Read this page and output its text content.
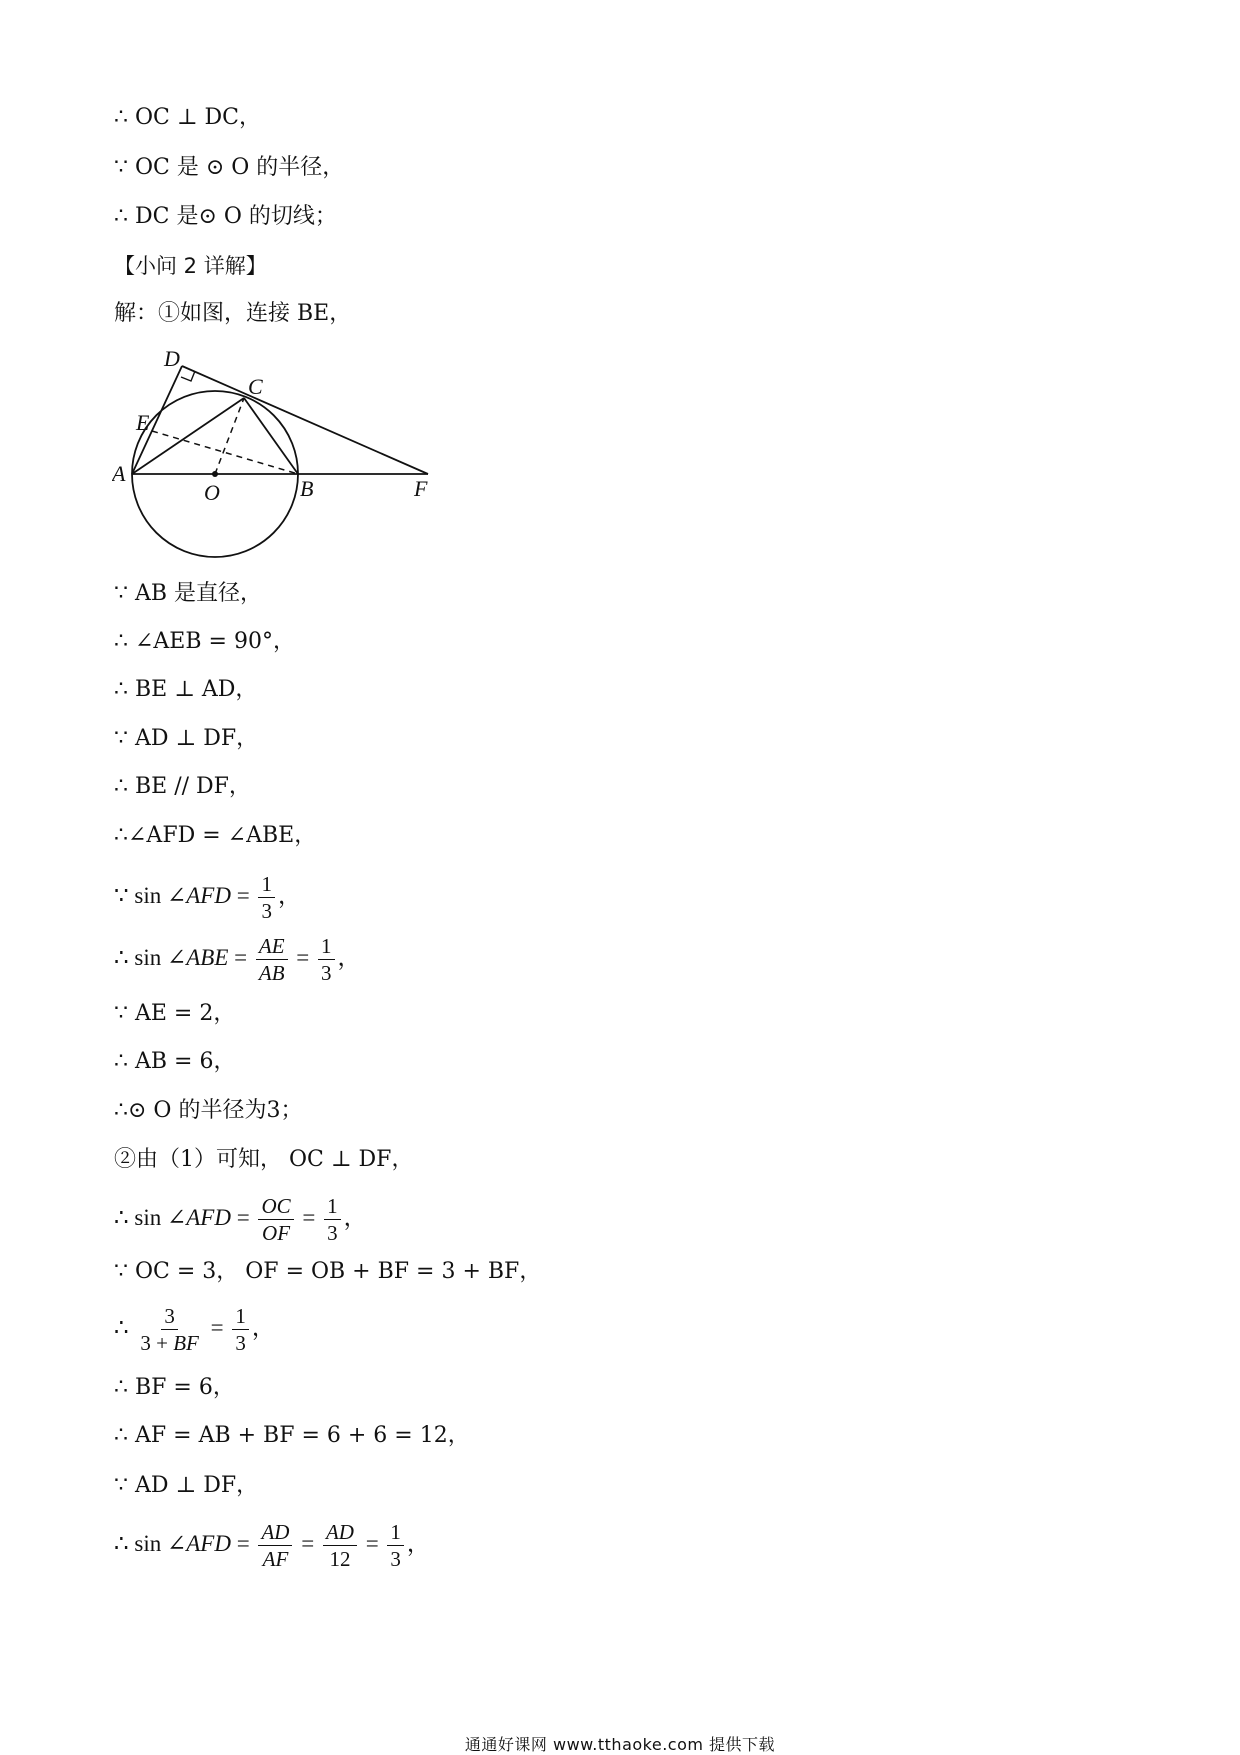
∴ OC ⊥ DC，
∵ OC 是 ⊙ O 的半径，
∴ DC 是⊙ O 的切线；
【小问 2 详解】
解：①如图，连接 BE，
D
E
C
A
O	B	F
∵ AB 是直径，
∴ ∠AEB = 90°，
∴ BE ⊥ AD，
∵ AD ⊥ DF，
∴ BE // DF，
∴∠AFD = ∠ABE，
∵ sin ∠AFD = $\frac{1}{3}$ ，
∴ sin ∠ABE = $\frac{AE}{AB} = \frac{1}{3}$ ，
∵ AE = 2，
∴ AB = 6，
∴⊙ O 的半径为3；
②由（1）可知， OC ⊥ DF，
∴ sin ∠AFD = $\frac{OC}{OF} = \frac{1}{3}$ ，
∵ OC = 3， OF = OB + BF = 3 + BF，
∴ $\frac{3}{3 + BF} = \frac{1}{3}$ ，
∴ BF = 6，
∴ AF = AB + BF = 6 + 6 = 12，
∵ AD ⊥ DF，
∴ sin ∠AFD = $\frac{AD}{AF} = \frac{AD}{12} = \frac{1}{3}$ ，
通通好课网 www.tthaoke.com 提供下载
